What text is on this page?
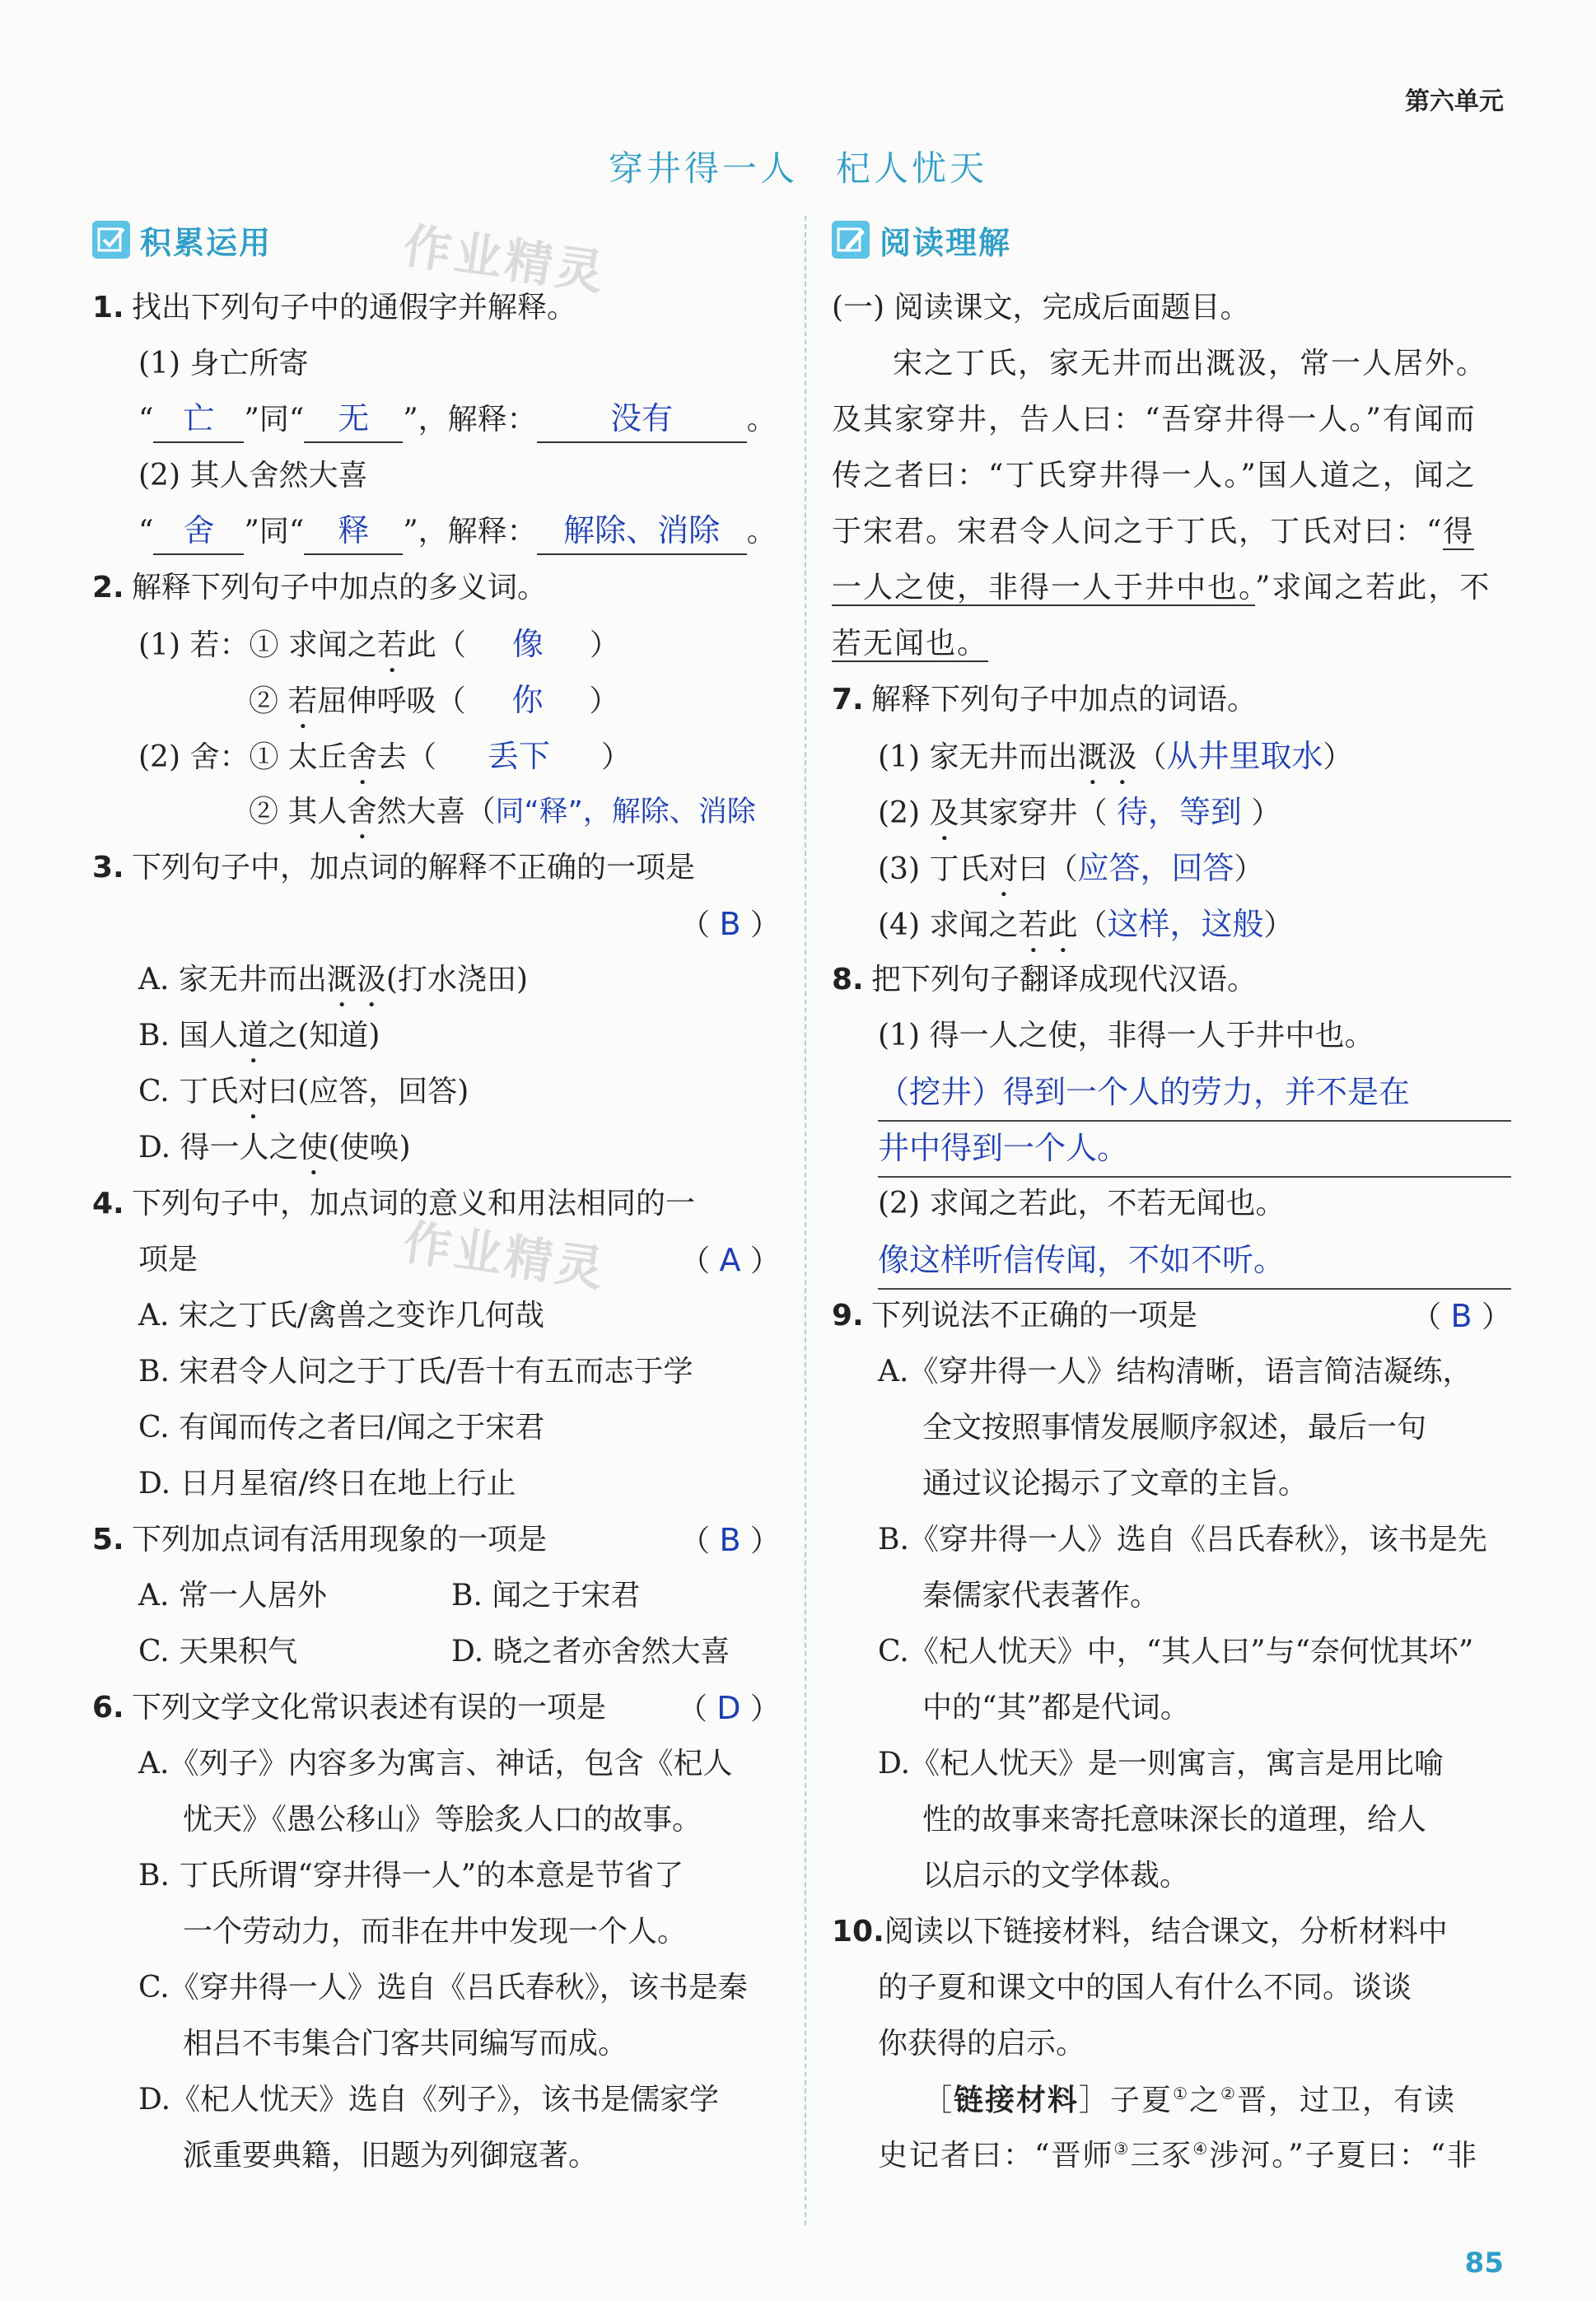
第六单元
穿井得一人　杞人忧天
作业精灵
作业精灵
积累运用	阅读理解
1. 找出下列句子中的通假字并解释。
(1) 身亡所寄
“ 亡 ”同“ 无 ”，解释： 没有 。
(2) 其人舍然大喜
“ 舍 ”同“ 释 ”，解释： 解除、消除 。
2. 解释下列句子中加点的多义词。
(1) 若：① 求闻之若此（ 像 ）
② 若屈伸呼吸（ 你 ）
(2) 舍：① 太丘舍去（ 丢下 ）
② 其人舍然大喜（同“释”，解除、消除
3. 下列句子中，加点词的解释不正确的一项是
（ B ）
A. 家无井而出溉汲(打水浇田)
B. 国人道之(知道)
C. 丁氏对曰(应答，回答)
D. 得一人之使(使唤)
4. 下列句子中，加点词的意义和用法相同的一
项是	（ A ）
A. 宋之丁氏/禽兽之变诈几何哉
B. 宋君令人问之于丁氏/吾十有五而志于学
C. 有闻而传之者曰/闻之于宋君
D. 日月星宿/终日在地上行止
5. 下列加点词有活用现象的一项是	（ B ）
A. 常一人居外	B. 闻之于宋君
C. 天果积气	D. 晓之者亦舍然大喜
6. 下列文学文化常识表述有误的一项是 （ D ）
A.《列子》内容多为寓言、神话，包含《杞人
忧天》《愚公移山》等脍炙人口的故事。
B. 丁氏所谓“穿井得一人”的本意是节省了
一个劳动力，而非在井中发现一个人。
C.《穿井得一人》选自《吕氏春秋》，该书是秦
相吕不韦集合门客共同编写而成。
D.《杞人忧天》选自《列子》，该书是儒家学
派重要典籍，旧题为列御寇著。
(一) 阅读课文，完成后面题目。
宋之丁氏，家无井而出溉汲，常一人居外。
及其家穿井，告人曰：“吾穿井得一人。”有闻而
传之者曰：“丁氏穿井得一人。”国人道之，闻之
于宋君。宋君令人问之于丁氏，丁氏对曰：“得
一人之使，非得一人于井中也。”求闻之若此，不
若无闻也。
7. 解释下列句子中加点的词语。
(1) 家无井而出溉汲（从井里取水）
(2) 及其家穿井（ 待，等到 ）
(3) 丁氏对曰（应答，回答）
(4) 求闻之若此（这样，这般）
8. 把下列句子翻译成现代汉语。
(1) 得一人之使，非得一人于井中也。
（挖井）得到一个人的劳力，并不是在
井中得到一个人。
(2) 求闻之若此，不若无闻也。
像这样听信传闻，不如不听。
9. 下列说法不正确的一项是	（ B ）
A.《穿井得一人》结构清晰，语言简洁凝练，
全文按照事情发展顺序叙述，最后一句
通过议论揭示了文章的主旨。
B.《穿井得一人》选自《吕氏春秋》，该书是先
秦儒家代表著作。
C.《杞人忧天》中，“其人曰”与“奈何忧其坏”
中的“其”都是代词。
D.《杞人忧天》是一则寓言，寓言是用比喻
性的故事来寄托意味深长的道理，给人
以启示的文学体裁。
10.阅读以下链接材料，结合课文，分析材料中
的子夏和课文中的国人有什么不同。谈谈
你获得的启示。
［链接材料］子夏①之②晋，过卫，有读
史记者曰：“晋师③三豕④涉河。”子夏曰：“非
85
